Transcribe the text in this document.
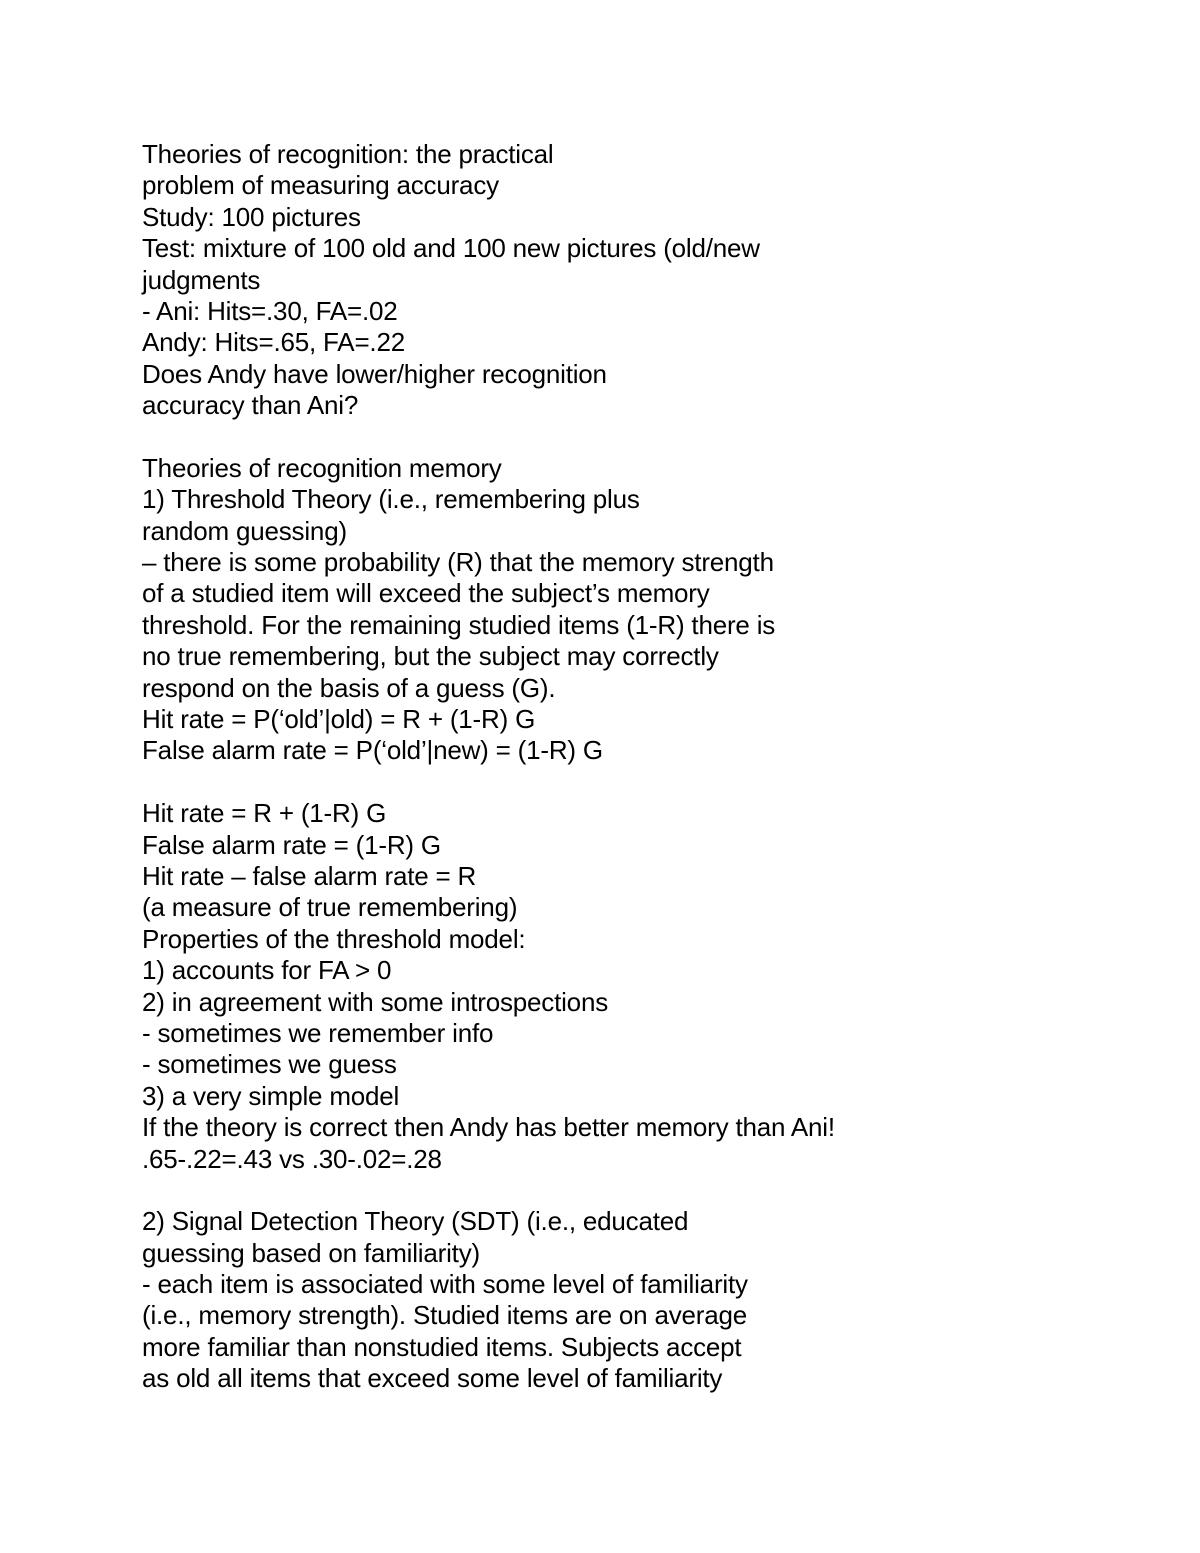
Theories of recognition: the practical
problem of measuring accuracy
Study: 100 pictures
Test: mixture of 100 old and 100 new pictures (old/new
judgments
- Ani: Hits=.30, FA=.02
Andy: Hits=.65, FA=.22
Does Andy have lower/higher recognition
accuracy than Ani?
Theories of recognition memory
1) Threshold Theory (i.e., remembering plus
random guessing)
– there is some probability (R) that the memory strength
of a studied item will exceed the subject’s memory
threshold. For the remaining studied items (1-R) there is
no true remembering, but the subject may correctly
respond on the basis of a guess (G).
Hit rate = P(‘old’|old) = R + (1-R) G
False alarm rate = P(‘old’|new) = (1-R) G
Hit rate = R + (1-R) G
False alarm rate = (1-R) G
Hit rate – false alarm rate = R
(a measure of true remembering)
Properties of the threshold model:
1) accounts for FA > 0
2) in agreement with some introspections
- sometimes we remember info
- sometimes we guess
3) a very simple model
If the theory is correct then Andy has better memory than Ani!
.65-.22=.43 vs .30-.02=.28
2) Signal Detection Theory (SDT) (i.e., educated
guessing based on familiarity)
- each item is associated with some level of familiarity
(i.e., memory strength). Studied items are on average
more familiar than nonstudied items. Subjects accept
as old all items that exceed some level of familiarity
